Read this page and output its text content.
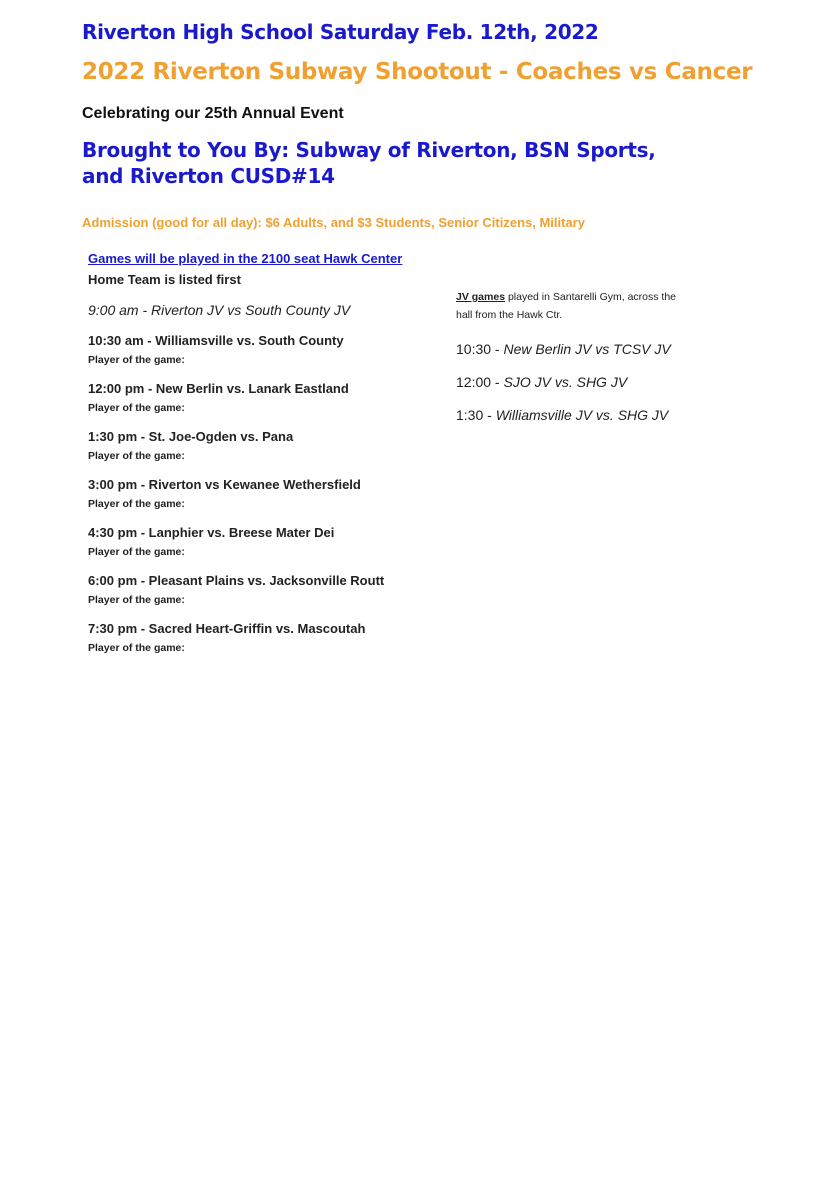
Riverton High School Saturday Feb. 12th, 2022
2022 Riverton Subway Shootout - Coaches vs Cancer
Celebrating our 25th Annual Event
Brought to You By: Subway of Riverton, BSN Sports, and Riverton CUSD#14
Admission (good for all day): $6 Adults, and $3 Students, Senior Citizens, Military
Games will be played in the 2100 seat Hawk Center
Home Team is listed first
9:00 am - Riverton JV vs South County JV
10:30 am - Williamsville vs. South County
Player of the game:
12:00 pm - New Berlin vs. Lanark Eastland
Player of the game:
1:30 pm - St. Joe-Ogden vs. Pana
Player of the game:
3:00 pm - Riverton vs Kewanee Wethersfield
Player of the game:
4:30 pm - Lanphier vs. Breese Mater Dei
Player of the game:
6:00 pm - Pleasant Plains vs. Jacksonville Routt
Player of the game:
7:30 pm - Sacred Heart-Griffin vs. Mascoutah
Player of the game:
JV games played in Santarelli Gym, across the hall from the Hawk Ctr.
10:30 - New Berlin JV vs TCSV JV
12:00 - SJO JV vs. SHG JV
1:30 - Williamsville JV vs. SHG JV
